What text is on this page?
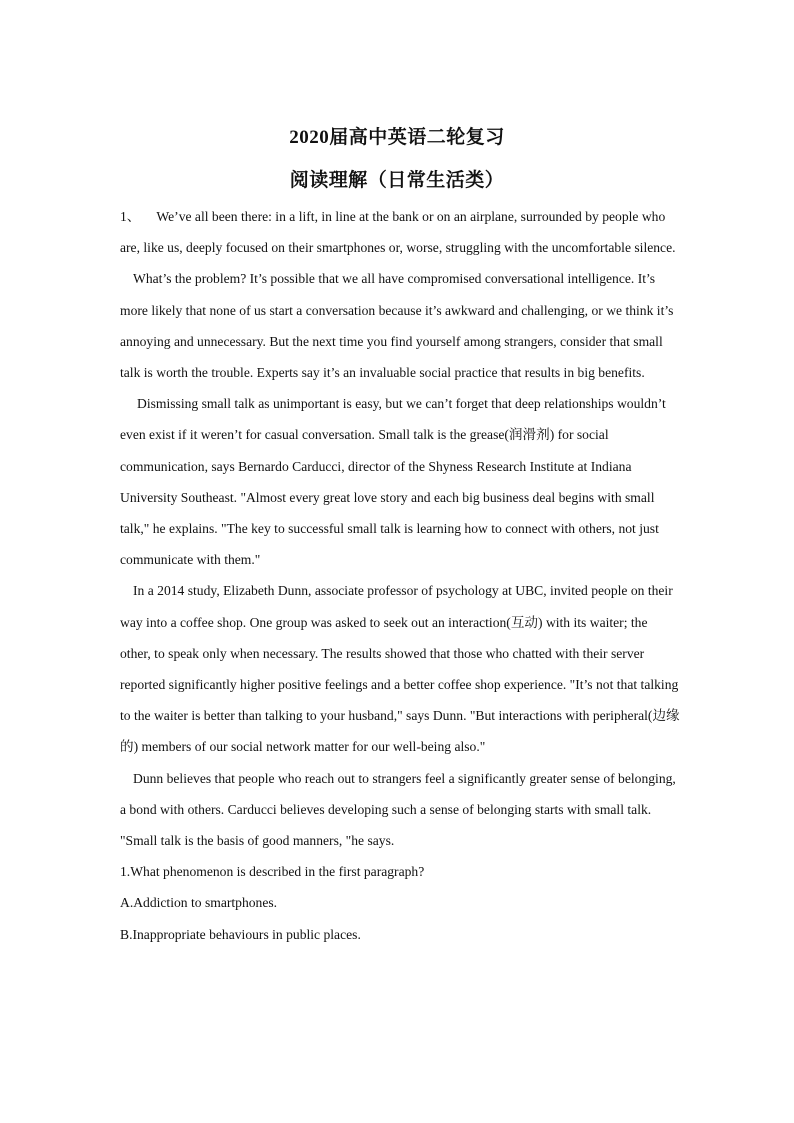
2020届高中英语二轮复习
阅读理解（日常生活类）

1、 We’ve all been there: in a lift, in line at the bank or on an airplane, surrounded by people who are, like us, deeply focused on their smartphones or, worse, struggling with the uncomfortable silence.

What’s the problem? It’s possible that we all have compromised conversational intelligence. It’s more likely that none of us start a conversation because it’s awkward and challenging, or we think it’s annoying and unnecessary. But the next time you find yourself among strangers, consider that small talk is worth the trouble. Experts say it’s an invaluable social practice that results in big benefits.

Dismissing small talk as unimportant is easy, but we can’t forget that deep relationships wouldn’t even exist if it weren’t for casual conversation. Small talk is the grease(润滑剂) for social communication, says Bernardo Carducci, director of the Shyness Research Institute at Indiana University Southeast. "Almost every great love story and each big business deal begins with small talk," he explains. "The key to successful small talk is learning how to connect with others, not just communicate with them."

In a 2014 study, Elizabeth Dunn, associate professor of psychology at UBC, invited people on their way into a coffee shop. One group was asked to seek out an interaction(互动) with its waiter; the other, to speak only when necessary. The results showed that those who chatted with their server reported significantly higher positive feelings and a better coffee shop experience. "It’s not that talking to the waiter is better than talking to your husband," says Dunn. "But interactions with peripheral(边缘的) members of our social network matter for our well-being also."

Dunn believes that people who reach out to strangers feel a significantly greater sense of belonging, a bond with others. Carducci believes developing such a sense of belonging starts with small talk. "Small talk is the basis of good manners, "he says.

1.What phenomenon is described in the first paragraph?

A.Addiction to smartphones.

B.Inappropriate behaviours in public places.
